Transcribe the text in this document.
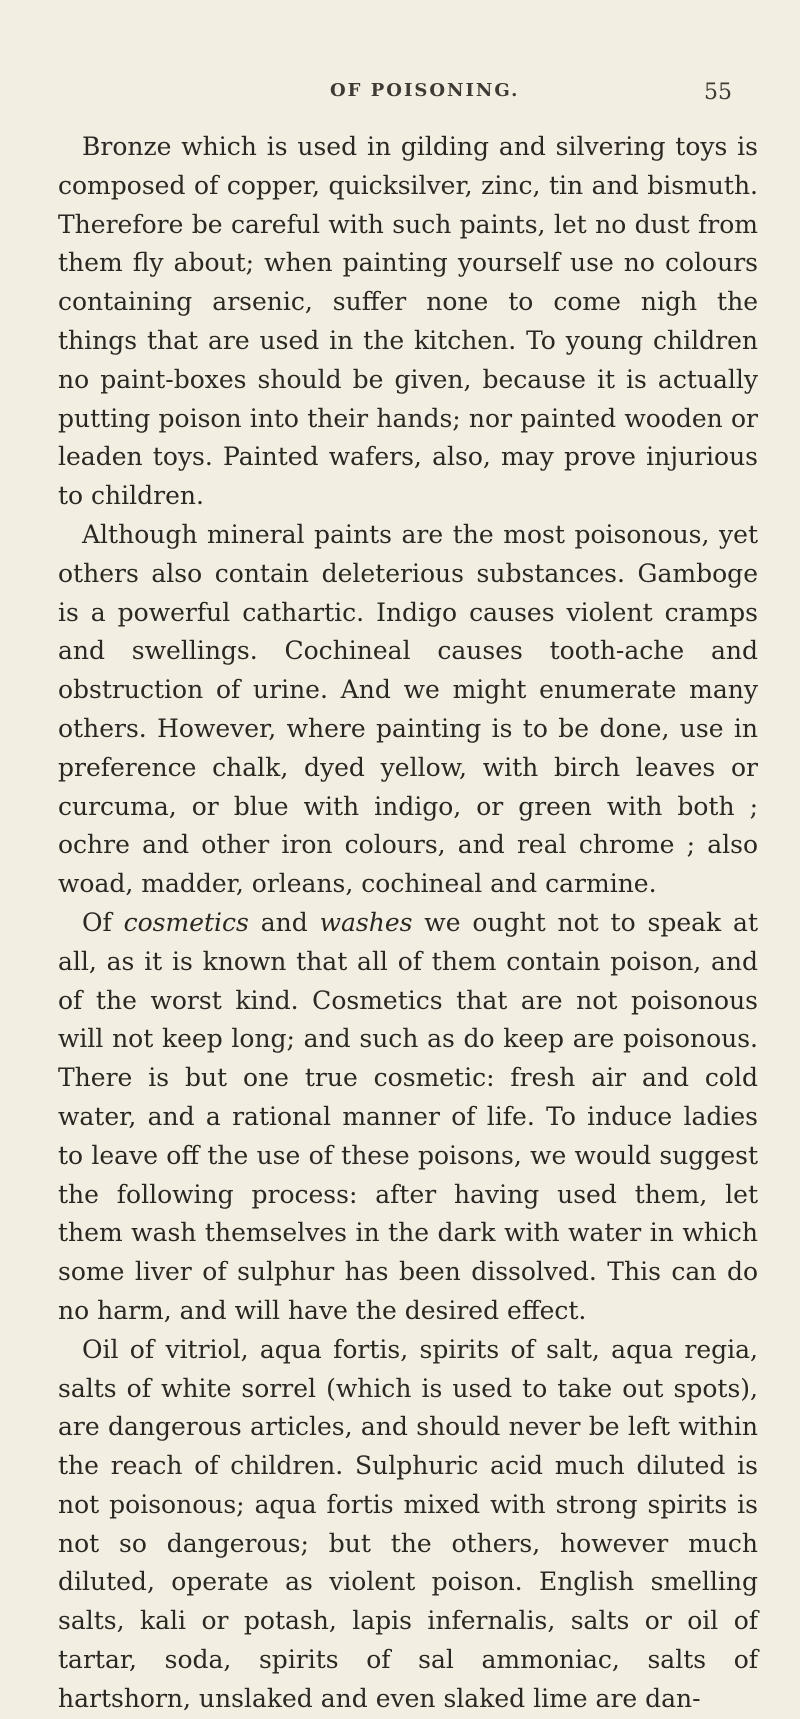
OF POISONING.	55

Bronze which is used in gilding and silvering toys is composed of copper, quicksilver, zinc, tin and bismuth. Therefore be careful with such paints, let no dust from them fly about; when painting yourself use no colours containing arsenic, suffer none to come nigh the things that are used in the kitchen. To young children no paint-boxes should be given, because it is actually putting poison into their hands; nor painted wooden or leaden toys. Painted wafers, also, may prove injurious to children.

Although mineral paints are the most poisonous, yet others also contain deleterious substances. Gamboge is a powerful cathartic. Indigo causes violent cramps and swellings. Cochineal causes tooth-ache and obstruction of urine. And we might enumerate many others. However, where painting is to be done, use in preference chalk, dyed yellow, with birch leaves or curcuma, or blue with indigo, or green with both ; ochre and other iron colours, and real chrome ; also woad, madder, orleans, cochineal and carmine.

Of cosmetics and washes we ought not to speak at all, as it is known that all of them contain poison, and of the worst kind. Cosmetics that are not poisonous will not keep long; and such as do keep are poisonous. There is but one true cosmetic: fresh air and cold water, and a rational manner of life. To induce ladies to leave off the use of these poisons, we would suggest the following process: after having used them, let them wash themselves in the dark with water in which some liver of sulphur has been dissolved. This can do no harm, and will have the desired effect.

Oil of vitriol, aqua fortis, spirits of salt, aqua regia, salts of white sorrel (which is used to take out spots), are dangerous articles, and should never be left within the reach of children. Sulphuric acid much diluted is not poisonous; aqua fortis mixed with strong spirits is not so dangerous; but the others, however much diluted, operate as violent poison. English smelling salts, kali or potash, lapis infernalis, salts or oil of tartar, soda, spirits of sal ammoniac, salts of hartshorn, unslaked and even slaked lime are dan-
